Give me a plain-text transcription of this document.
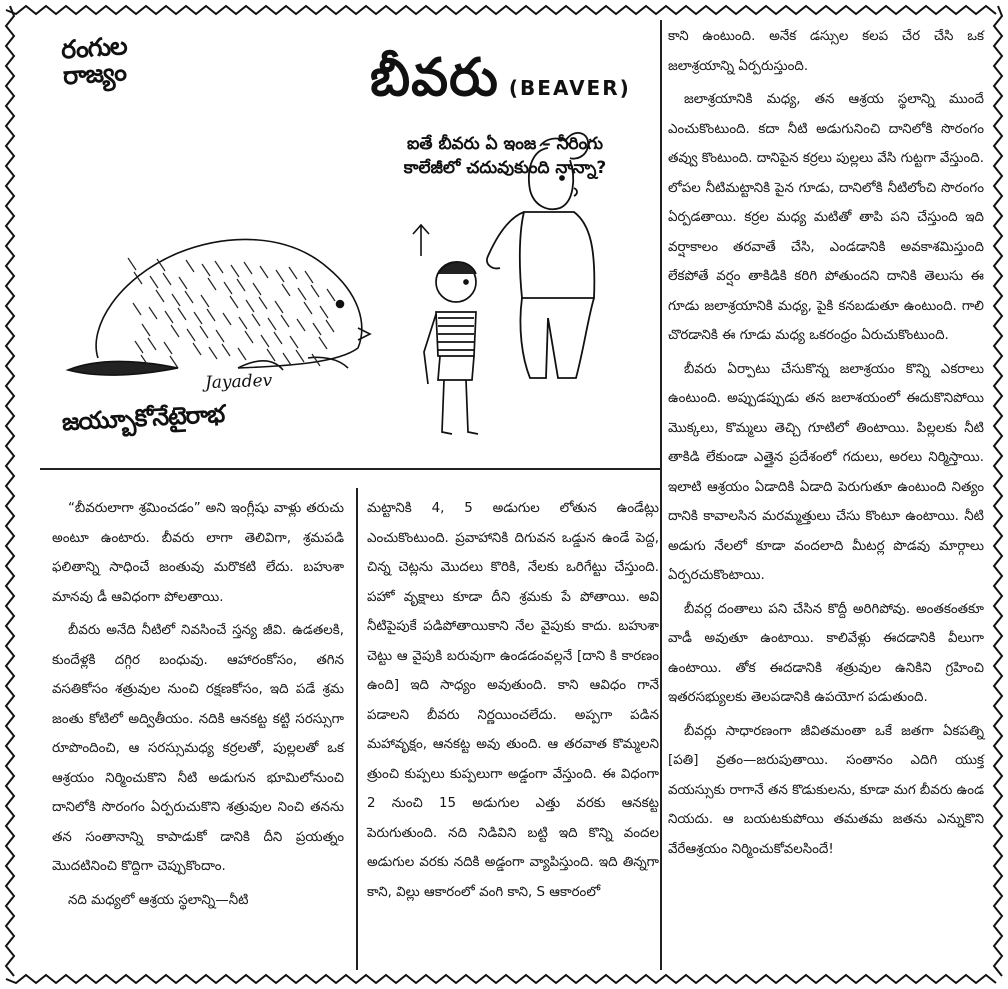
రంగుల రాజ్యం	బీవరు (BEAVER)
ఐతే బీవరు ఏ ఇంజ – నీరింగు కాలేజీలో చదువుకుంది నాన్నా?
Jayadev
జయ్బూకోనేటైరాభ

కాని ఉంటుంది. అనేక డస్సుల కలప చేర చేసి ఒక జలాశ్రయాన్ని ఏర్పరుస్తుంది.

జలాశ్రయానికి మధ్య, తన ఆశ్రయ స్థలాన్ని ముందే ఎంచుకొంటుంది. కదా నీటి అడుగునించి దానిలోకి సొరంగం తవ్వు కొంటుంది. దానిపైన కర్రలు పుల్లలు వేసి గుట్టగా వేస్తుంది. లోపల నీటిమట్టానికి పైన గూడు, దానిలోకి నీటిలోంచి సొరంగం ఏర్పడతాయి. కర్రల మధ్య మటితో తాపి పని చేస్తుంది ఇది వర్షాకాలం తరవాతే చేసి, ఎండడానికి అవకాశమిస్తుంది లేకపోతే వర్షం తాకిడికి కరిగి పోతుందని దానికి తెలుసు ఈ గూడు జలాశ్రయానికి మధ్య, పైకి కనబడుతూ ఉంటుంది. గాలి చొరడానికి ఈ గూడు మధ్య ఒకరంధ్రం ఏరుచుకొంటుంది.

బీవరు ఏర్పాటు చేసుకొన్న జలాశ్రయం కొన్ని ఎకరాలు ఉంటుంది. అప్పుడప్పుడు తన జలాశయంలో ఈదుకొనిపోయి మొక్కలు, కొమ్మలు తెచ్చి గూటిలో తింటాయి. పిల్లలకు నీటి తాకిడి లేకుండా ఎత్తైన ప్రదేశంలో గదులు, అరలు నిర్మిస్తాయి. ఇలాటి ఆశ్రయం ఏడాదికి ఏడాది పెరుగుతూ ఉంటుంది నిత్యం దానికి కావాలసిన మరమ్మత్తులు చేసు కొంటూ ఉంటాయి. నీటి అడుగు నేలలో కూడా వందలాది మీటర్ల పొడవు మార్గాలు ఏర్పరచుకొంటాయి.

బీవర్ల దంతాలు పని చేసిన కొద్దీ అరిగిపోవు. అంతకంతకూ వాడీ అవుతూ ఉంటాయి. కాలివేళ్లు ఈదడానికి వీలుగా ఉంటాయి. తోక ఈదడానికి శత్రువుల ఉనికిని గ్రహించి ఇతరసభ్యులకు తెలపడానికి ఉపయోగ పడుతుంది.

బీవర్లు సాధారణంగా జీవితమంతా ఒకే జతగా ఏకపత్ని [పతి] వ్రతం—జరుపుతాయి. సంతానం ఎదిగి యుక్త వయస్సుకు రాగానే తన కొడుకులను, కూడా మగ బీవరు ఉండ నియదు. ఆ బయటకుపోయి తమతమ జతను ఎన్నుకొని వేరేఆశ్రయం నిర్మించుకోవలసిందే!

“బీవరులాగా శ్రమించడం” అని ఇంగ్లీషు వాళ్లు తరుచు అంటూ ఉంటారు. బీవరు లాగా తెలివిగా, శ్రమపడి ఫలితాన్ని సాధించే జంతువు మరొకటి లేదు. బహుశా మానవు డీ ఆవిధంగా పోలతాయి.

బీవరు అనేది నీటిలో నివసించే స్తన్య జీవి. ఉడతలకి, కుందేళ్లకి దగ్గిర బంధువు. ఆహారంకోసం, తగిన వసతికోసం శత్రువుల నుంచి రక్షణకోసం, ఇది పడే శ్రమ జంతు కోటిలో అద్వితీయం. నదికి ఆనకట్ట కట్టి సరస్సుగా రూపొందించి, ఆ సరస్సుమధ్య కర్రలతో, పుల్లలతో ఒక ఆశ్రయం నిర్మించుకొని నీటి అడుగున భూమిలోనుంచి దానిలోకి సొరంగం ఏర్పరుచుకొని శత్రువుల నించి తనను తన సంతానాన్ని కాపాడుకో డానికి దీని ప్రయత్నం మొదటినించి కొద్దిగా చెప్పుకొందాం.

నది మధ్యలో ఆశ్రయ స్థలాన్ని—నీటి

మట్టానికి 4, 5 అడుగుల లోతున ఉండేట్లు ఎంచుకొంటుంది. ప్రవాహానికి దిగువన ఒడ్డున ఉండే పెద్ద, చిన్న చెట్లను మొదలు కొరికి, నేలకు ఒరిగేట్టు చేస్తుంది. పహో వృక్షాలు కూడా దీని శ్రమకు పే పోతాయి. అవి నీటిపైపుకే పడిపోతాయికాని నేల వైపుకు కాదు. బహుశా చెట్టు ఆ వైపుకి బరువుగా ఉండడంవల్లనే [దాని కి కారణం ఉంది] ఇది సాధ్యం అవుతుంది. కాని ఆవిధం గానే పడాలని బీవరు నిర్ణయించలేదు. అప్పగా పడిన మహావృక్షం, ఆనకట్ట అవు తుంది. ఆ తరవాత కొమ్మలని త్రుంచి కుప్పలు కుప్పలుగా అడ్డంగా వేస్తుంది. ఈ విధంగా 2 నుంచి 15 అడుగుల ఎత్తు వరకు ఆనకట్ట పెరుగుతుంది. నది నిడివిని బట్టి ఇది కొన్ని వందల అడుగుల వరకు నదికి అడ్డంగా వ్యాపిస్తుంది. ఇది తిన్నగా కాని, విల్లు ఆకారంలో వంగి కాని, S ఆకారంలో
